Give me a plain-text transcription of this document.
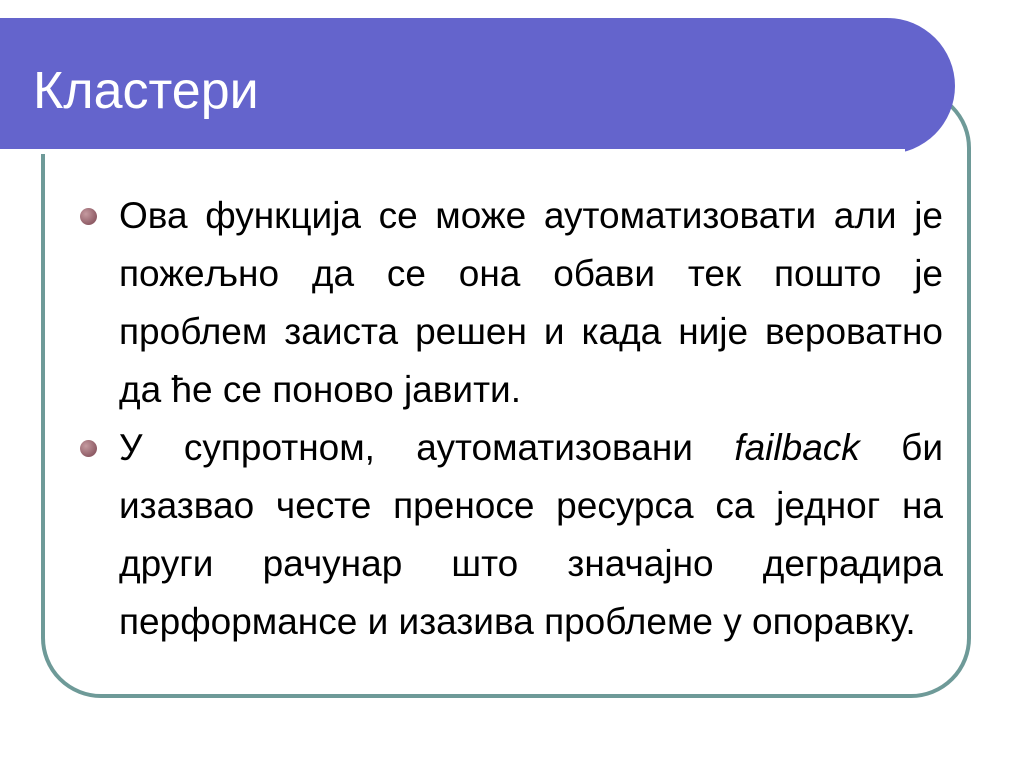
Кластери
Ова функција се може аутоматизовати али је пожељно да се она обави тек пошто је проблем заиста решен и када није вероватно да ће се поново јавити.
У супротном, аутоматизовани failback би изазвао честе преносе ресурса са једног на други рачунар што значајно деградира перформансе и изазива проблеме у опоравку.
